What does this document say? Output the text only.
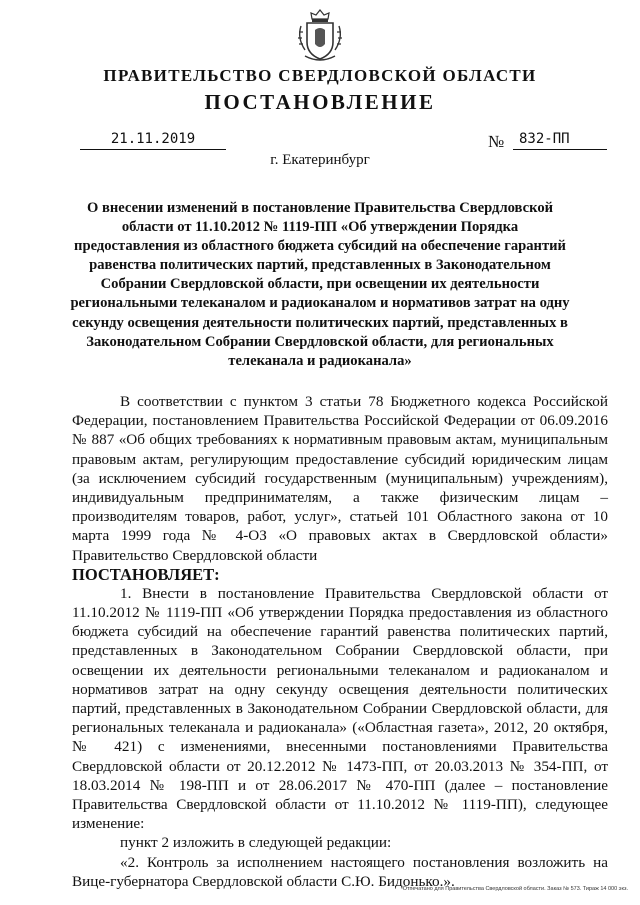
ПРАВИТЕЛЬСТВО СВЕРДЛОВСКОЙ ОБЛАСТИ
ПОСТАНОВЛЕНИЕ
21.11.2019	№	832-ПП
г. Екатеринбург
О внесении изменений в постановление Правительства Свердловской области от 11.10.2012 № 1119-ПП «Об утверждении Порядка предоставления из областного бюджета субсидий на обеспечение гарантий равенства политических партий, представленных в Законодательном Собрании Свердловской области, при освещении их деятельности региональными телеканалом и радиоканалом и нормативов затрат на одну секунду освещения деятельности политических партий, представленных в Законодательном Собрании Свердловской области, для региональных телеканала и радиоканала»

В соответствии с пунктом 3 статьи 78 Бюджетного кодекса Российской Федерации, постановлением Правительства Российской Федерации от 06.09.2016 № 887 «Об общих требованиях к нормативным правовым актам, муниципальным правовым актам, регулирующим предоставление субсидий юридическим лицам (за исключением субсидий государственным (муниципальным) учреждениям), индивидуальным предпринимателям, а также физическим лицам – производителям товаров, работ, услуг», статьей 101 Областного закона от 10 марта 1999 года № 4-ОЗ «О правовых актах в Свердловской области» Правительство Свердловской области

ПОСТАНОВЛЯЕТ:

1. Внести в постановление Правительства Свердловской области от 11.10.2012 № 1119-ПП «Об утверждении Порядка предоставления из областного бюджета субсидий на обеспечение гарантий равенства политических партий, представленных в Законодательном Собрании Свердловской области, при освещении их деятельности региональными телеканалом и радиоканалом и нормативов затрат на одну секунду освещения деятельности политических партий, представленных в Законодательном Собрании Свердловской области, для региональных телеканала и радиоканала» («Областная газета», 2012, 20 октября, № 421) с изменениями, внесенными постановлениями Правительства Свердловской области от 20.12.2012 № 1473-ПП, от 20.03.2013 № 354-ПП, от 18.03.2014 № 198-ПП и от 28.06.2017 № 470-ПП (далее – постановление Правительства Свердловской области от 11.10.2012 № 1119-ПП), следующее изменение:

пункт 2 изложить в следующей редакции:

«2. Контроль за исполнением настоящего постановления возложить на Вице-губернатора Свердловской области С.Ю. Бидонько.».

Отпечатано для Правительства Свердловской области. Заказ № 573. Тираж 14 000 экз.
